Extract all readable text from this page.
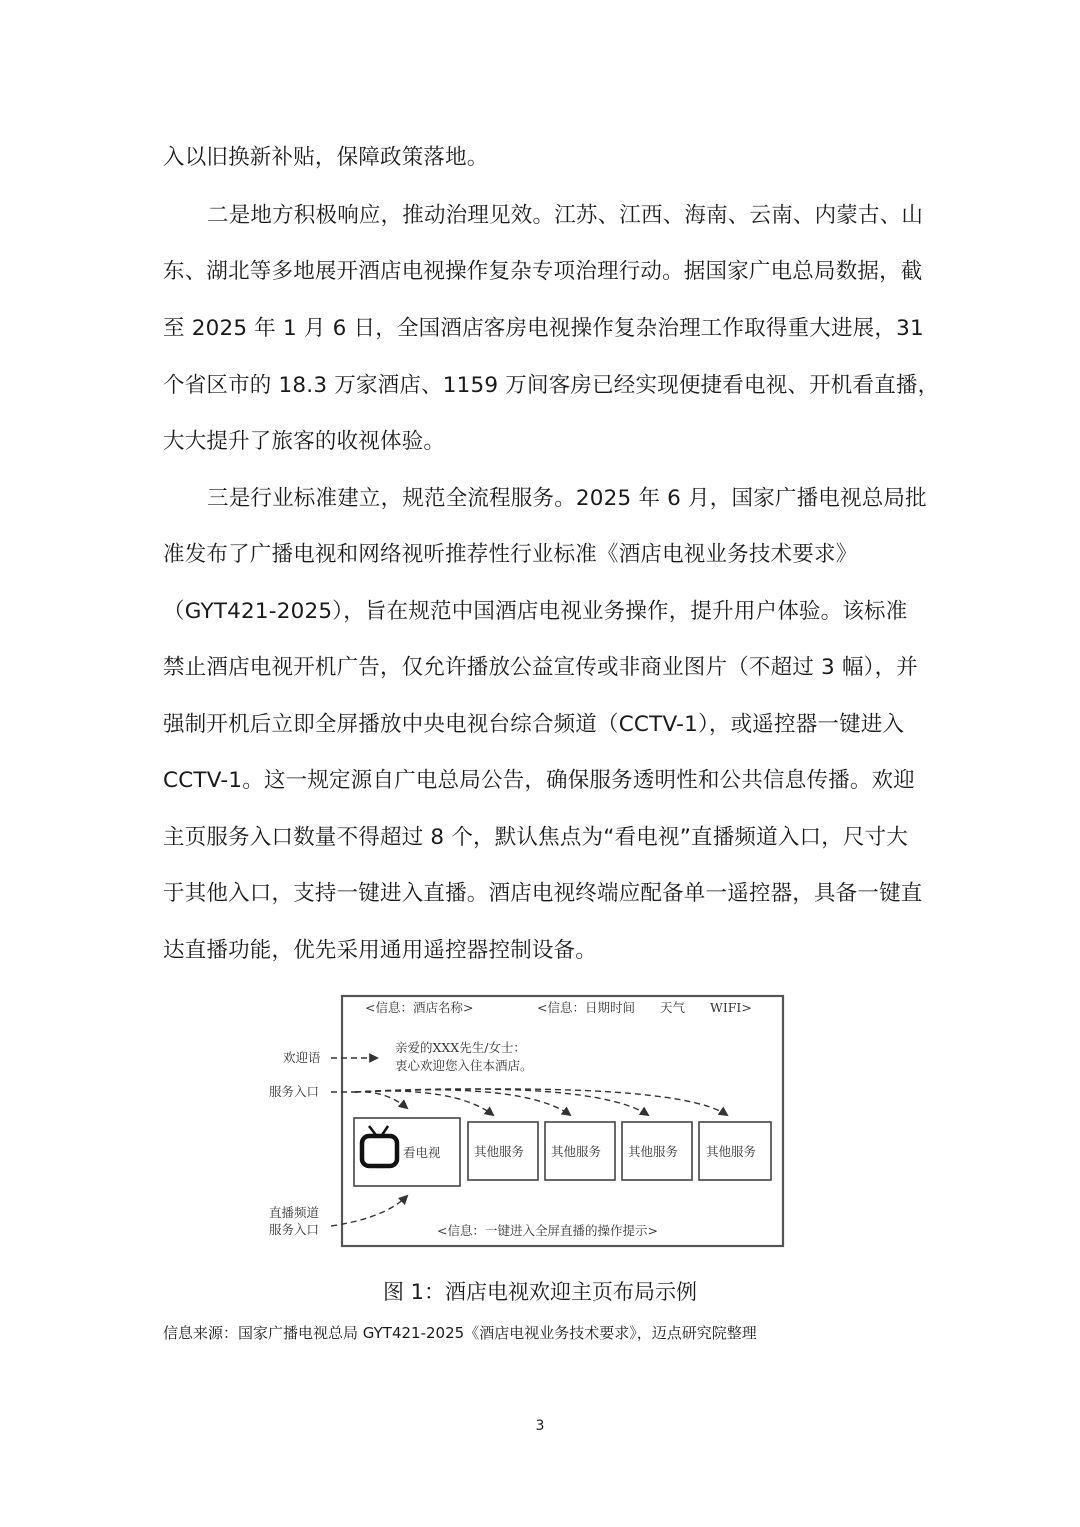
入以旧换新补贴，保障政策落地。
二是地方积极响应，推动治理见效。江苏、江西、海南、云南、内蒙古、山
东、湖北等多地展开酒店电视操作复杂专项治理行动。据国家广电总局数据，截
至 2025 年 1 月 6 日，全国酒店客房电视操作复杂治理工作取得重大进展，31
个省区市的 18.3 万家酒店、1159 万间客房已经实现便捷看电视、开机看直播，
大大提升了旅客的收视体验。
三是行业标准建立，规范全流程服务。2025 年 6 月，国家广播电视总局批
准发布了广播电视和网络视听推荐性行业标准《酒店电视业务技术要求》
（GYT421-2025），旨在规范中国酒店电视业务操作，提升用户体验。该标准
禁止酒店电视开机广告，仅允许播放公益宣传或非商业图片（不超过 3 幅），并
强制开机后立即全屏播放中央电视台综合频道（CCTV-1），或遥控器一键进入
CCTV-1。这一规定源自广电总局公告，确保服务透明性和公共信息传播。欢迎
主页服务入口数量不得超过 8 个，默认焦点为“看电视”直播频道入口，尺寸大
于其他入口，支持一键进入直播。酒店电视终端应配备单一遥控器，具备一键直
达直播功能，优先采用通用遥控器控制设备。
<信息：酒店名称>	<信息：日期时间　　天气　　WIFI>
亲爱的XXX先生/女士：
衷心欢迎您入住本酒店。
欢迎语
服务入口
直播频道
服务入口
看电视	其他服务 其他服务 其他服务 其他服务
<信息：一键进入全屏直播的操作提示>
图 1：酒店电视欢迎主页布局示例
信息来源：国家广播电视总局 GYT421-2025《酒店电视业务技术要求》，迈点研究院整理
3
